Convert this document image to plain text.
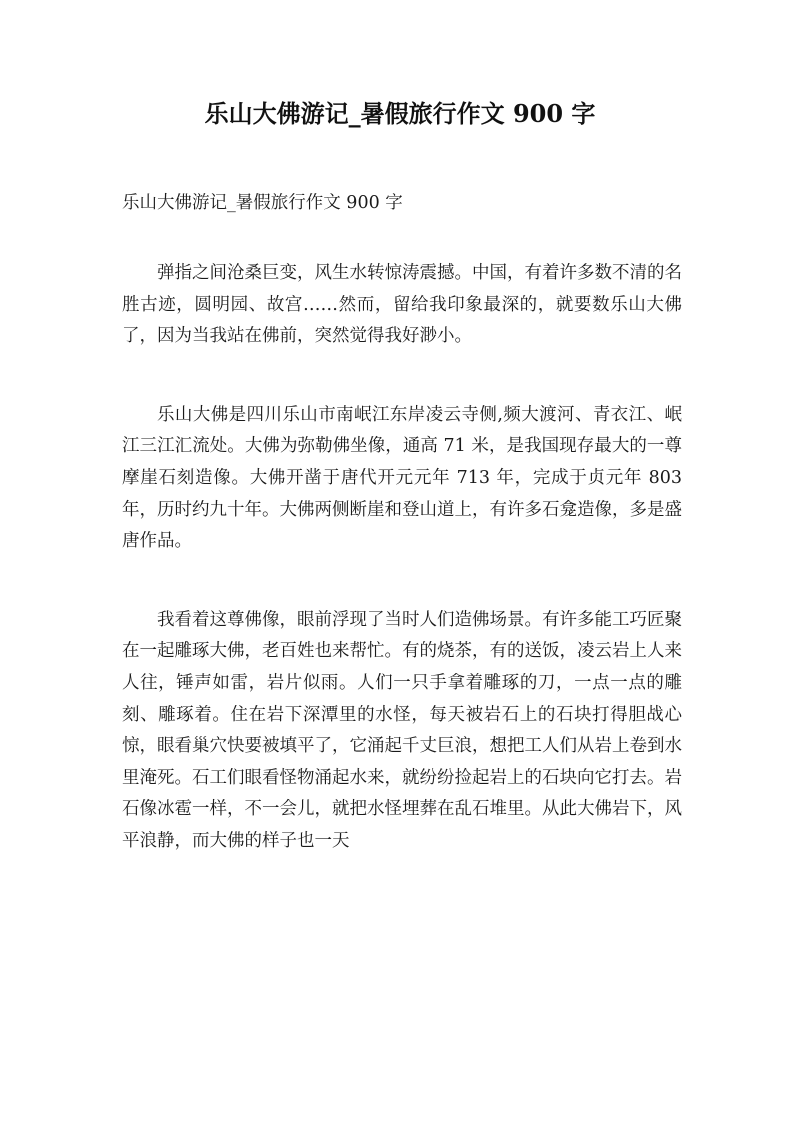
乐山大佛游记_暑假旅行作文 900 字

乐山大佛游记_暑假旅行作文 900 字

弹指之间沧桑巨变，风生水转惊涛震撼。中国，有着许多数不清的名胜古迹，圆明园、故宫……然而，留给我印象最深的，就要数乐山大佛了，因为当我站在佛前，突然觉得我好渺小。

乐山大佛是四川乐山市南岷江东岸凌云寺侧,频大渡河、青衣江、岷江三江汇流处。大佛为弥勒佛坐像，通高 71 米，是我国现存最大的一尊摩崖石刻造像。大佛开凿于唐代开元元年 713 年，完成于贞元年 803 年，历时约九十年。大佛两侧断崖和登山道上，有许多石龛造像，多是盛唐作品。

我看着这尊佛像，眼前浮现了当时人们造佛场景。有许多能工巧匠聚在一起雕琢大佛，老百姓也来帮忙。有的烧茶，有的送饭，凌云岩上人来人往，锤声如雷，岩片似雨。人们一只手拿着雕琢的刀，一点一点的雕刻、雕琢着。住在岩下深潭里的水怪，每天被岩石上的石块打得胆战心惊，眼看巢穴快要被填平了，它涌起千丈巨浪，想把工人们从岩上卷到水里淹死。石工们眼看怪物涌起水来，就纷纷捡起岩上的石块向它打去。岩石像冰雹一样，不一会儿，就把水怪埋葬在乱石堆里。从此大佛岩下，风平浪静，而大佛的样子也一天
